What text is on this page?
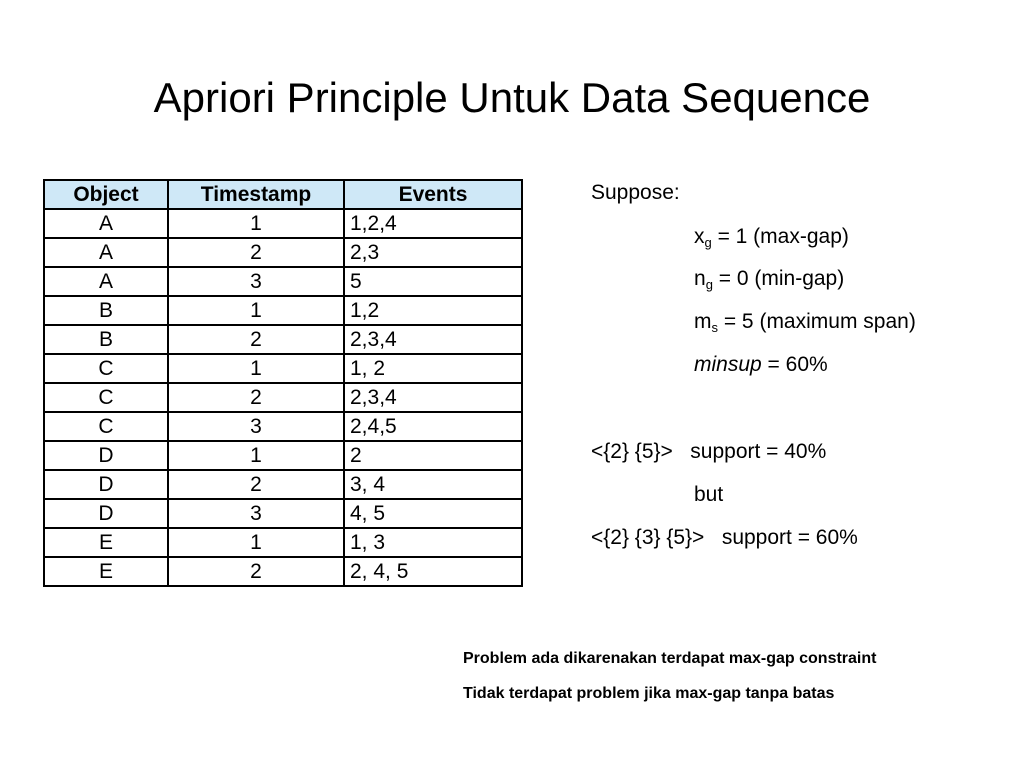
Apriori Principle Untuk Data Sequence
Object	Timestamp	Events
A	1	1,2,4
A	2	2,3
A	3	5
B	1	1,2
B	2	2,3,4
C	1	1, 2
C	2	2,3,4
C	3	2,4,5
D	1	2
D	2	3, 4
D	3	4, 5
E	1	1, 3
E	2	2, 4, 5
Suppose:
$x_g = 1$ (max-gap)
$n_g = 0$ (min-gap)
$m_s = 5$ (maximum span)
minsup = 60%
<{2} {5}>   support = 40%
but
<{2} {3} {5}>   support = 60%
Problem ada dikarenakan terdapat max-gap constraint
Tidak terdapat problem jika max-gap tanpa batas
